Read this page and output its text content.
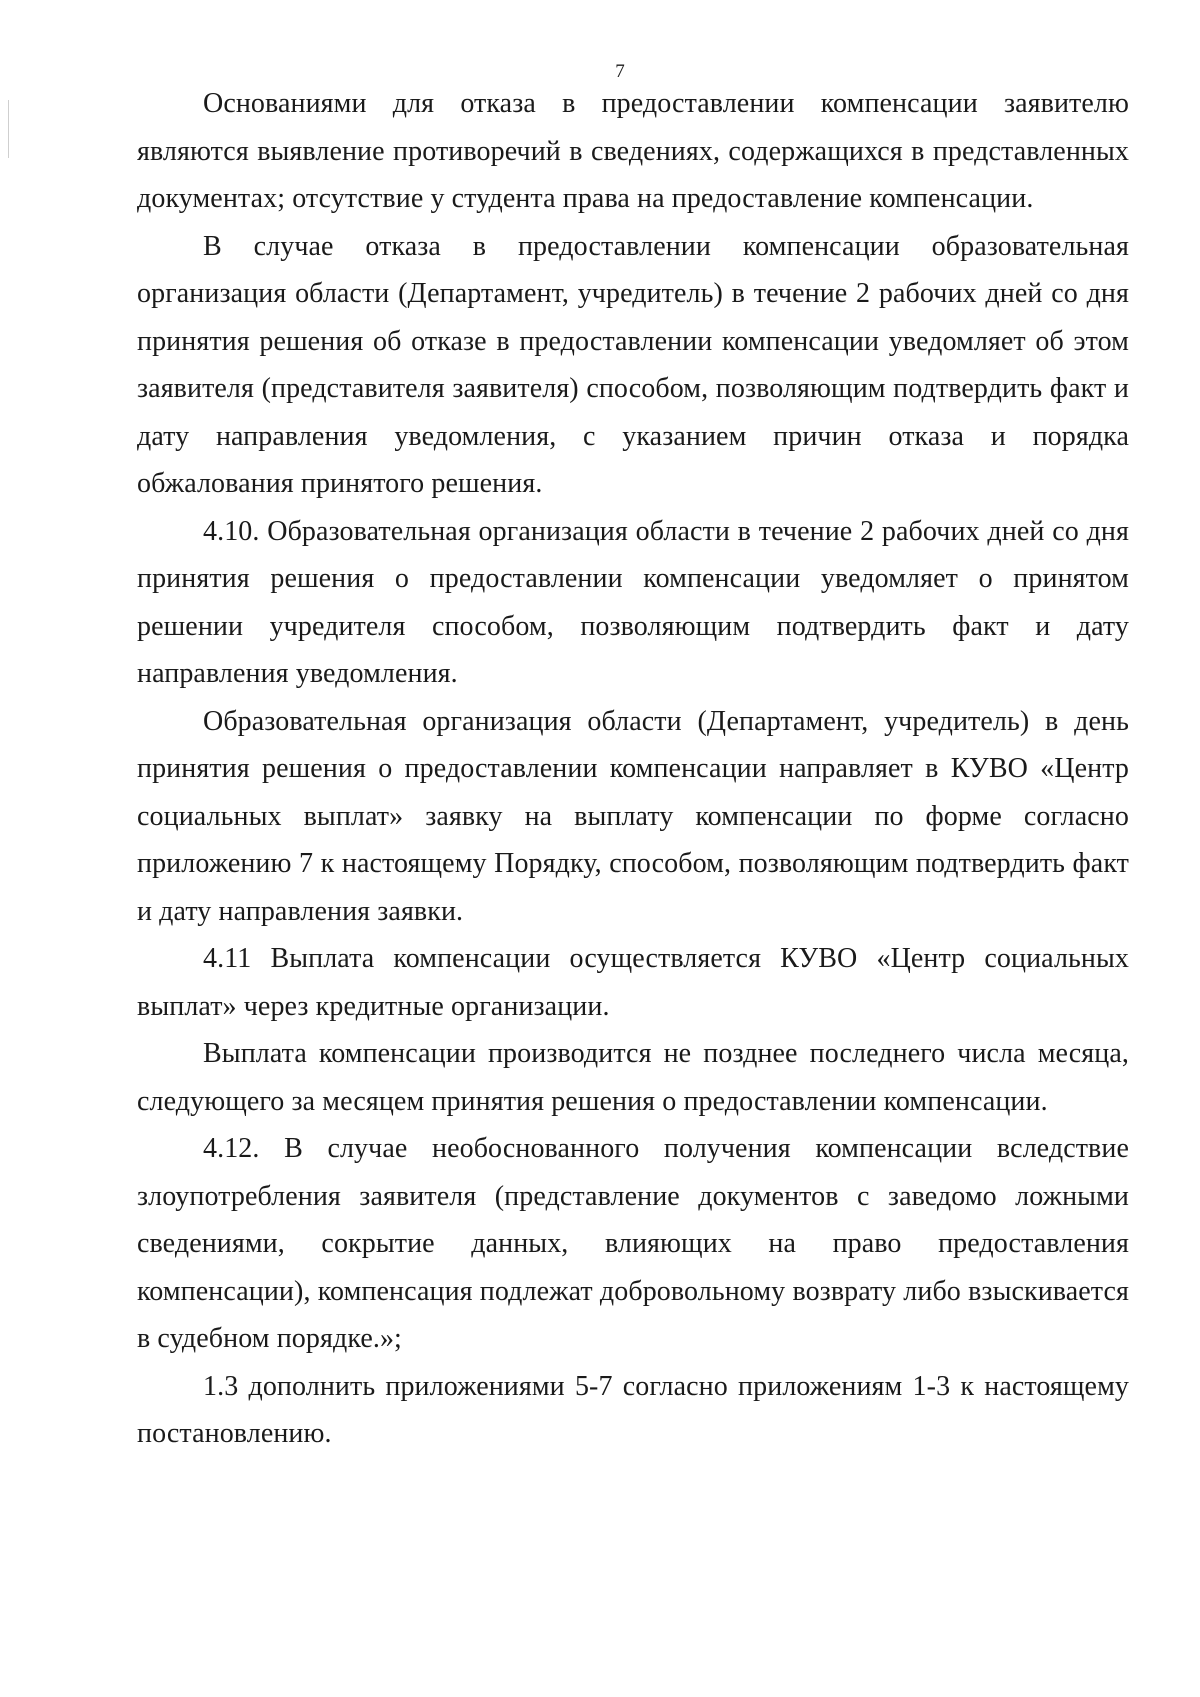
7

Основаниями для отказа в предоставлении компенсации заявителю являются выявление противоречий в сведениях, содержащихся в представленных документах; отсутствие у студента права на предоставление компенсации.

В случае отказа в предоставлении компенсации образовательная организация области (Департамент, учредитель) в течение 2 рабочих дней со дня принятия решения об отказе в предоставлении компенсации уведомляет об этом заявителя (представителя заявителя) способом, позволяющим подтвердить факт и дату направления уведомления, с указанием причин отказа и порядка обжалования принятого решения.

4.10. Образовательная организация области в течение 2 рабочих дней со дня принятия решения о предоставлении компенсации уведомляет о принятом решении учредителя способом, позволяющим подтвердить факт и дату направления уведомления.

Образовательная организация области (Департамент, учредитель) в день принятия решения о предоставлении компенсации направляет в КУВО «Центр социальных выплат» заявку на выплату компенсации по форме согласно приложению 7 к настоящему Порядку, способом, позволяющим подтвердить факт и дату направления заявки.

4.11 Выплата компенсации осуществляется КУВО «Центр социальных выплат» через кредитные организации.

Выплата компенсации производится не позднее последнего числа месяца, следующего за месяцем принятия решения о предоставлении компенсации.

4.12. В случае необоснованного получения компенсации вследствие злоупотребления заявителя (представление документов с заведомо ложными сведениями, сокрытие данных, влияющих на право предоставления компенсации), компенсация подлежат добровольному возврату либо взыскивается в судебном порядке.»;

1.3 дополнить приложениями 5-7 согласно приложениям 1-3 к настоящему постановлению.
